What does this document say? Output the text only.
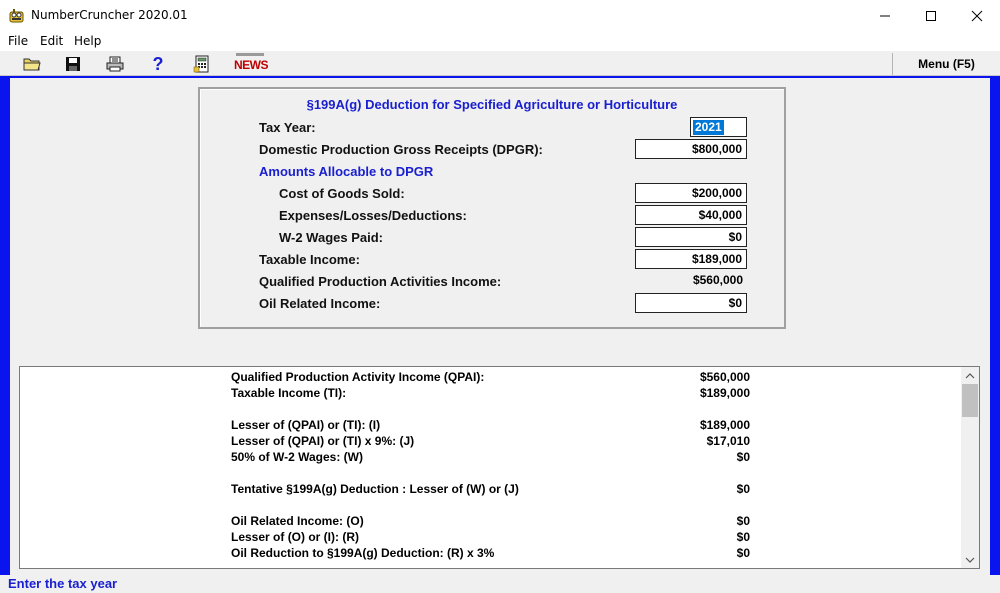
NumberCruncher 2020.01
File Edit Help
?	NEWS	Menu (F5)
§199A(g) Deduction for Specified Agriculture or Horticulture
Tax Year:	2021
Domestic Production Gross Receipts (DPGR):	$800,000
Amounts Allocable to DPGR
Cost of Goods Sold:	$200,000
Expenses/Losses/Deductions:	$40,000
W-2 Wages Paid:	$0
Taxable Income:	$189,000
Qualified Production Activities Income:	$560,000
Oil Related Income:	$0
Qualified Production Activity Income (QPAI):	$560,000
Taxable Income (TI):	$189,000
Lesser of (QPAI) or (TI): (I)	$189,000
Lesser of (QPAI) or (TI) x 9%: (J)	$17,010
50% of W-2 Wages: (W)	$0
Tentative §199A(g) Deduction : Lesser of (W) or (J)	$0
Oil Related Income: (O)	$0
Lesser of (O) or (I): (R)	$0
Oil Reduction to §199A(g) Deduction: (R) x 3%	$0
Enter the tax year
